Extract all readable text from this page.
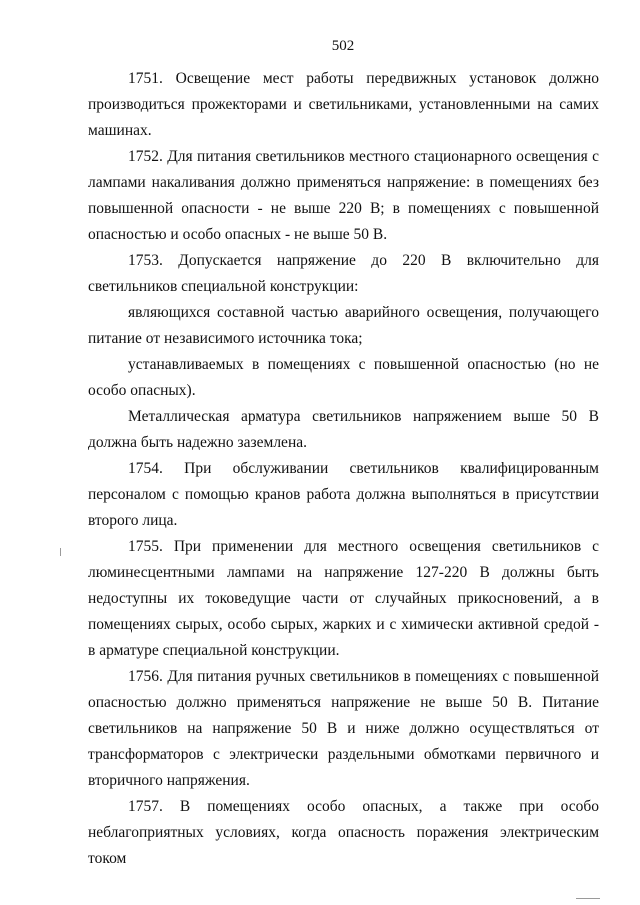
502

1751. Освещение мест работы передвижных установок должно производиться прожекторами и светильниками, установленными на самих машинах.

1752. Для питания светильников местного стационарного освещения с лампами накаливания должно применяться напряжение: в помещениях без повышенной опасности - не выше 220 В; в помещениях с повышенной опасностью и особо опасных - не выше 50 В.

1753. Допускается напряжение до 220 В включительно для светильников специальной конструкции:

являющихся составной частью аварийного освещения, получающего питание от независимого источника тока;

устанавливаемых в помещениях с повышенной опасностью (но не особо опасных).

Металлическая арматура светильников напряжением выше 50 В должна быть надежно заземлена.

1754. При обслуживании светильников квалифицированным персоналом с помощью кранов работа должна выполняться в присутствии второго лица.

1755. При применении для местного освещения светильников с люминесцентными лампами на напряжение 127-220 В должны быть недоступны их токоведущие части от случайных прикосновений, а в помещениях сырых, особо сырых, жарких и с химически активной средой - в арматуре специальной конструкции.

1756. Для питания ручных светильников в помещениях с повышенной опасностью должно применяться напряжение не выше 50 В. Питание светильников на напряжение 50 В и ниже должно осуществляться от трансформаторов с электрически раздельными обмотками первичного и вторичного напряжения.

1757. В помещениях особо опасных, а также при особо неблагоприятных условиях, когда опасность поражения электрическим током
